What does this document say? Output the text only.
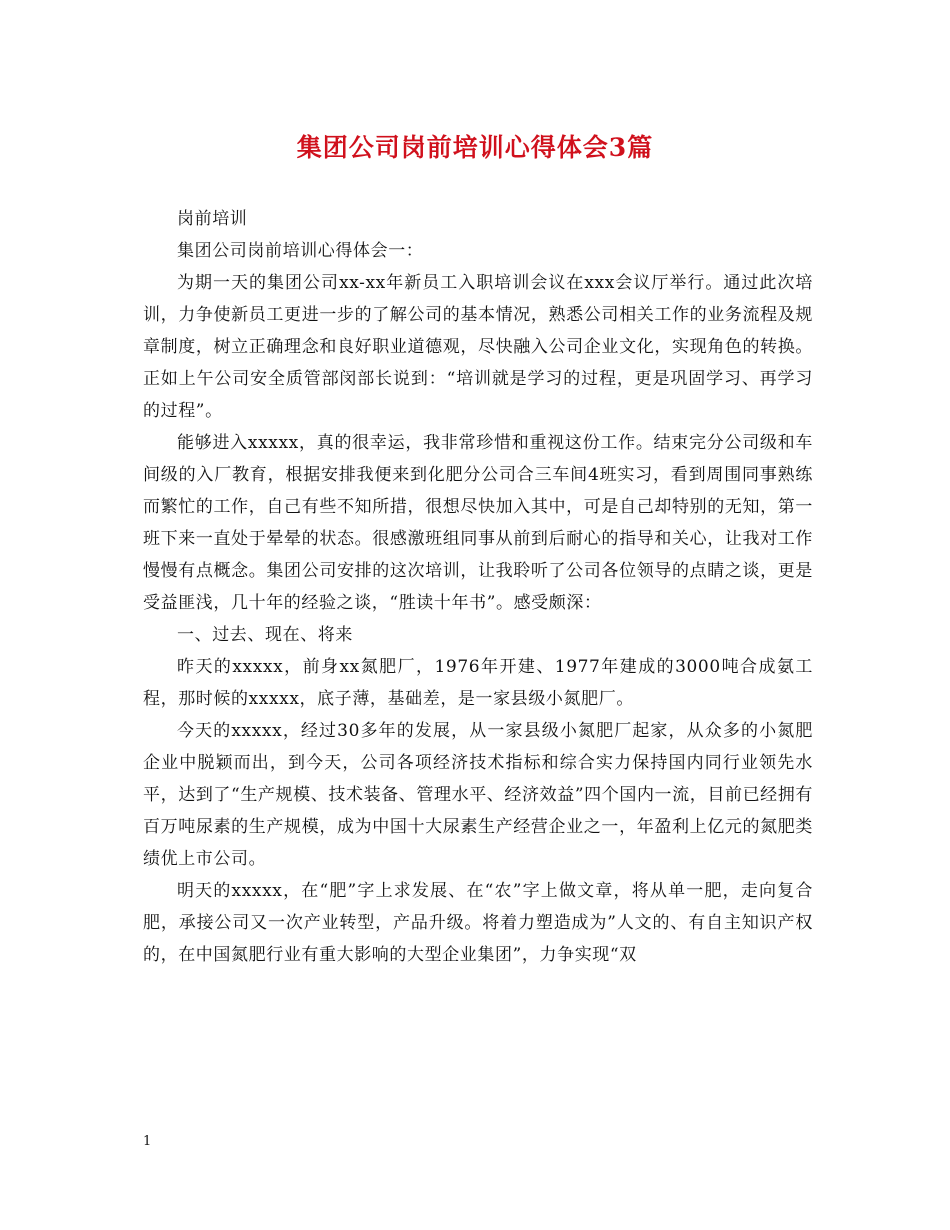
集团公司岗前培训心得体会3篇

岗前培训

集团公司岗前培训心得体会一：

为期一天的集团公司xx-xx年新员工入职培训会议在xxx会议厅举行。通过此次培训，力争使新员工更进一步的了解公司的基本情况，熟悉公司相关工作的业务流程及规章制度，树立正确理念和良好职业道德观，尽快融入公司企业文化，实现角色的转换。正如上午公司安全质管部闵部长说到：“培训就是学习的过程，更是巩固学习、再学习的过程”。

能够进入xxxxx，真的很幸运，我非常珍惜和重视这份工作。结束完分公司级和车间级的入厂教育，根据安排我便来到化肥分公司合三车间4班实习，看到周围同事熟练而繁忙的工作，自己有些不知所措，很想尽快加入其中，可是自己却特别的无知，第一班下来一直处于晕晕的状态。很感激班组同事从前到后耐心的指导和关心，让我对工作慢慢有点概念。集团公司安排的这次培训，让我聆听了公司各位领导的点睛之谈，更是受益匪浅，几十年的经验之谈，“胜读十年书”。感受颇深：

一、过去、现在、将来

昨天的xxxxx，前身xx氮肥厂，1976年开建、1977年建成的3000吨合成氨工程，那时候的xxxxx，底子薄，基础差，是一家县级小氮肥厂。

今天的xxxxx，经过30多年的发展，从一家县级小氮肥厂起家，从众多的小氮肥企业中脱颖而出，到今天，公司各项经济技术指标和综合实力保持国内同行业领先水平，达到了“生产规模、技术装备、管理水平、经济效益”四个国内一流，目前已经拥有百万吨尿素的生产规模，成为中国十大尿素生产经营企业之一，年盈利上亿元的氮肥类绩优上市公司。

明天的xxxxx，在“肥”字上求发展、在“农”字上做文章，将从单一肥，走向复合肥，承接公司又一次产业转型，产品升级。将着力塑造成为”人文的、有自主知识产权的，在中国氮肥行业有重大影响的大型企业集团”，力争实现“双

1
